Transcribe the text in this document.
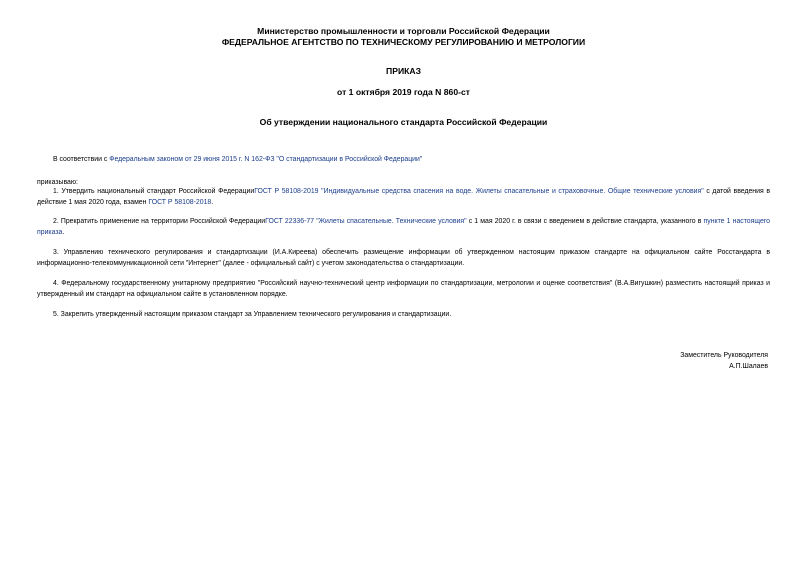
Министерство промышленности и торговли Российской Федерации
ФЕДЕРАЛЬНОЕ АГЕНТСТВО ПО ТЕХНИЧЕСКОМУ РЕГУЛИРОВАНИЮ И МЕТРОЛОГИИ
ПРИКАЗ
от 1 октября 2019 года N 860-ст
Об утверждении национального стандарта Российской Федерации
В соответствии с Федеральным законом от 29 июня 2015 г. N 162-ФЗ "О стандартизации в Российской Федерации"
приказываю:
1. Утвердить национальный стандарт Российской ФедерацииГОСТ Р 58108-2019 "Индивидуальные средства спасения на воде. Жилеты спасательные и страховочные. Общие технические условия" с датой введения в действие 1 мая 2020 года, взамен ГОСТ Р 58108-2018.
2. Прекратить применение на территории Российской ФедерацииГОСТ 22336-77 "Жилеты спасательные. Технические условия" с 1 мая 2020 г. в связи с введением в действие стандарта, указанного в пункте 1 настоящего приказа.
3. Управлению технического регулирования и стандартизации (И.А.Киреева) обеспечить размещение информации об утвержденном настоящим приказом стандарте на официальном сайте Росстандарта в информационно-телекоммуникационной сети "Интернет" (далее - официальный сайт) с учетом законодательства о стандартизации.
4. Федеральному государственному унитарному предприятию "Российский научно-технический центр информации по стандартизации, метрологии и оценке соответствия" (В.А.Вигушкин) разместить настоящий приказ и утвержденный им стандарт на официальном сайте в установленном порядке.
5. Закрепить утвержденный настоящим приказом стандарт за Управлением технического регулирования и стандартизации.
Заместитель Руководителя
А.П.Шалаев
